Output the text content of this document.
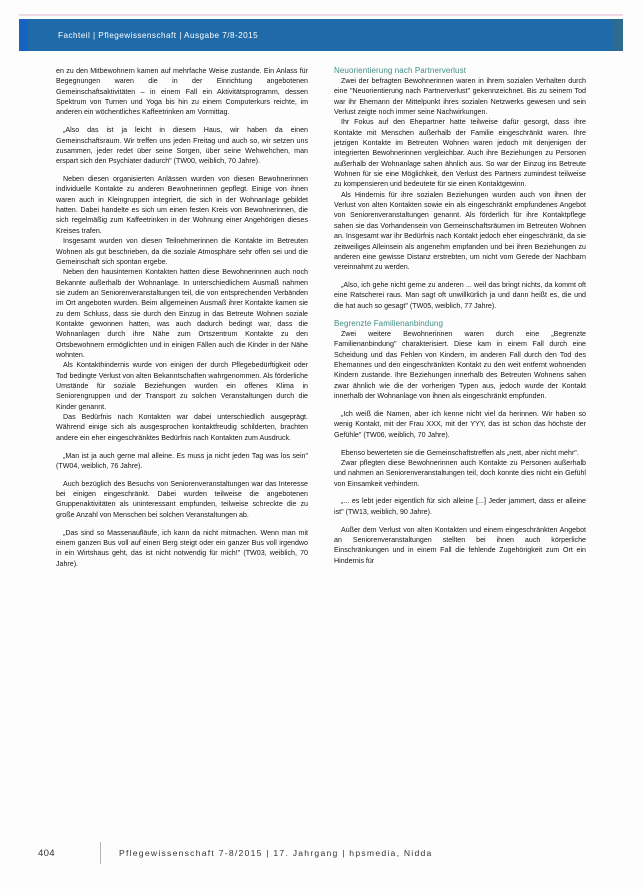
Fachteil | Pflegewissenschaft | Ausgabe 7/8-2015

en zu den Mitbewohnern kamen auf mehrfache Weise zustande. Ein Anlass für Begegnungen waren die in der Einrichtung angebotenen Gemeinschaftsaktivitäten – in einem Fall ein Aktivitätsprogramm, dessen Spektrum von Turnen und Yoga bis hin zu einem Computerkurs reichte, im anderen ein wöchentliches Kaffeetrinken am Vormittag.

„Also das ist ja leicht in diesem Haus, wir haben da einen Gemeinschaftsraum. Wir treffen uns jeden Freitag und auch so, wir setzen uns zusammen, jeder redet über seine Sorgen, über seine Wehwehchen, man erspart sich den Psychiater dadurch" (TW00, weiblich, 70 Jahre).

Neben diesen organisierten Anlässen wurden von diesen Bewohnerinnen individuelle Kontakte zu anderen Bewohnerinnen gepflegt. Einige von ihnen waren auch in Kleingruppen integriert, die sich in der Wohnanlage gebildet hatten. Dabei handelte es sich um einen festen Kreis von Bewohnerinnen, die sich regelmäßig zum Kaffeetrinken in der Wohnung einer Angehörigen dieses Kreises trafen.

Insgesamt wurden von diesen Teilnehmerinnen die Kontakte im Betreuten Wohnen als gut beschrieben, da die soziale Atmosphäre sehr offen sei und die Gemeinschaft sich spontan ergebe.

Neben den hausinternen Kontakten hatten diese Bewohnerinnen auch noch Bekannte außerhalb der Wohnanlage. In unterschiedlichem Ausmaß nahmen sie zudem an Seniorenveranstaltungen teil, die von entsprechenden Verbänden im Ort angeboten wurden. Beim allgemeinen Ausmaß ihrer Kontakte kamen sie zu dem Schluss, dass sie durch den Einzug in das Betreute Wohnen soziale Kontakte gewonnen hatten, was auch dadurch bedingt war, dass die Wohnanlagen durch ihre Nähe zum Ortszentrum Kontakte zu den Ortsbewohnern ermöglichten und in einigen Fällen auch die Kinder in der Nähe wohnten.

Als Kontakthindernis wurde von einigen der durch Pflegebedürftigkeit oder Tod bedingte Verlust von alten Bekanntschaften wahrgenommen. Als förderliche Umstände für soziale Beziehungen wurden ein offenes Klima in Seniorengruppen und der Transport zu solchen Veranstaltungen durch die Kinder genannt.

Das Bedürfnis nach Kontakten war dabei unterschiedlich ausgeprägt. Während einige sich als ausgesprochen kontaktfreudig schilderten, brachten andere ein eher eingeschränktes Bedürfnis nach Kontakten zum Ausdruck.

„Man ist ja auch gerne mal alleine. Es muss ja nicht jeden Tag was los sein" (TW04, weiblich, 76 Jahre).

Auch bezüglich des Besuchs von Seniorenveranstaltungen war das Interesse bei einigen eingeschränkt. Dabei wurden teilweise die angebotenen Gruppenaktivitäten als uninteressant empfunden, teilweise schreckte die zu große Anzahl von Menschen bei solchen Veranstaltungen ab.

„Das sind so Massenaufläufe, ich kann da nicht mitmachen. Wenn man mit einem ganzen Bus voll auf einen Berg steigt oder ein ganzer Bus voll irgendwo in ein Wirtshaus geht, das ist nicht notwendig für mich!" (TW03, weiblich, 70 Jahre).

Neuorientierung nach Partnerverlust

Zwei der befragten Bewohnerinnen waren in ihrem sozialen Verhalten durch eine "Neuorientierung nach Partnerverlust" gekennzeichnet. Bis zu seinem Tod war ihr Ehemann der Mittelpunkt ihres sozialen Netzwerks gewesen und sein Verlust zeigte noch immer seine Nachwirkungen.

Ihr Fokus auf den Ehepartner hatte teilweise dafür gesorgt, dass ihre Kontakte mit Menschen außerhalb der Familie eingeschränkt waren. Ihre jetzigen Kontakte im Betreuten Wohnen waren jedoch mit denjenigen der integrierten Bewohnerinnen vergleichbar. Auch ihre Beziehungen zu Personen außerhalb der Wohnanlage sahen ähnlich aus. So war der Einzug ins Betreute Wohnen für sie eine Möglichkeit, den Verlust des Partners zumindest teilweise zu kompensieren und bedeutete für sie einen Kontaktgewinn.

Als Hindernis für ihre sozialen Beziehungen wurden auch von ihnen der Verlust von alten Kontakten sowie ein als eingeschränkt empfundenes Angebot von Seniorenveranstaltungen genannt. Als förderlich für ihre Kontaktpflege sahen sie das Vorhandensein von Gemeinschaftsräumen im Betreuten Wohnen an. Insgesamt war ihr Bedürfnis nach Kontakt jedoch eher eingeschränkt, da sie zeitweiliges Alleinsein als angenehm empfanden und bei ihren Beziehungen zu anderen eine gewisse Distanz erstrebten, um nicht vom Gerede der Nachbarn vereinnahmt zu werden.

„Also, ich gehe nicht gerne zu anderen ... weil das bringt nichts, da kommt oft eine Ratscherei raus. Man sagt oft unwillkürlich ja und dann heißt es, die und die hat auch so gesagt" (TW05, weiblich, 77 Jahre).

Begrenzte Familienanbindung

Zwei weitere Bewohnerinnen waren durch eine „Begrenzte Familienanbindung" charakterisiert. Diese kam in einem Fall durch eine Scheidung und das Fehlen von Kindern, im anderen Fall durch den Tod des Ehemannes und den eingeschränkten Kontakt zu den weit entfernt wohnenden Kindern zustande. Ihre Beziehungen innerhalb des Betreuten Wohnens sahen zwar ähnlich wie die der vorherigen Typen aus, jedoch wurde der Kontakt innerhalb der Wohnanlage von ihnen als eingeschränkt empfunden.

„Ich weiß die Namen, aber ich kenne nicht viel da herinnen. Wir haben so wenig Kontakt, mit der Frau XXX, mit der YYY, das ist schon das höchste der Gefühle" (TW06, weiblich, 70 Jahre).

Ebenso bewerteten sie die Gemeinschaftstreffen als „nett, aber nicht mehr".

Zwar pflegten diese Bewohnerinnen auch Kontakte zu Personen außerhalb und nahmen an Seniorenveranstaltungen teil, doch konnte dies nicht ein Gefühl von Einsamkeit verhindern.

„... es lebt jeder eigentlich für sich alleine [...] Jeder jammert, dass er alleine ist" (TW13, weiblich, 90 Jahre).

Außer dem Verlust von alten Kontakten und einem eingeschränkten Angebot an Seniorenveranstaltungen stellten bei ihnen auch körperliche Einschränkungen und in einem Fall die fehlende Zugehörigkeit zum Ort ein Hindernis für

404	Pflegewissenschaft 7-8/2015 | 17. Jahrgang | hpsmedia, Nidda
